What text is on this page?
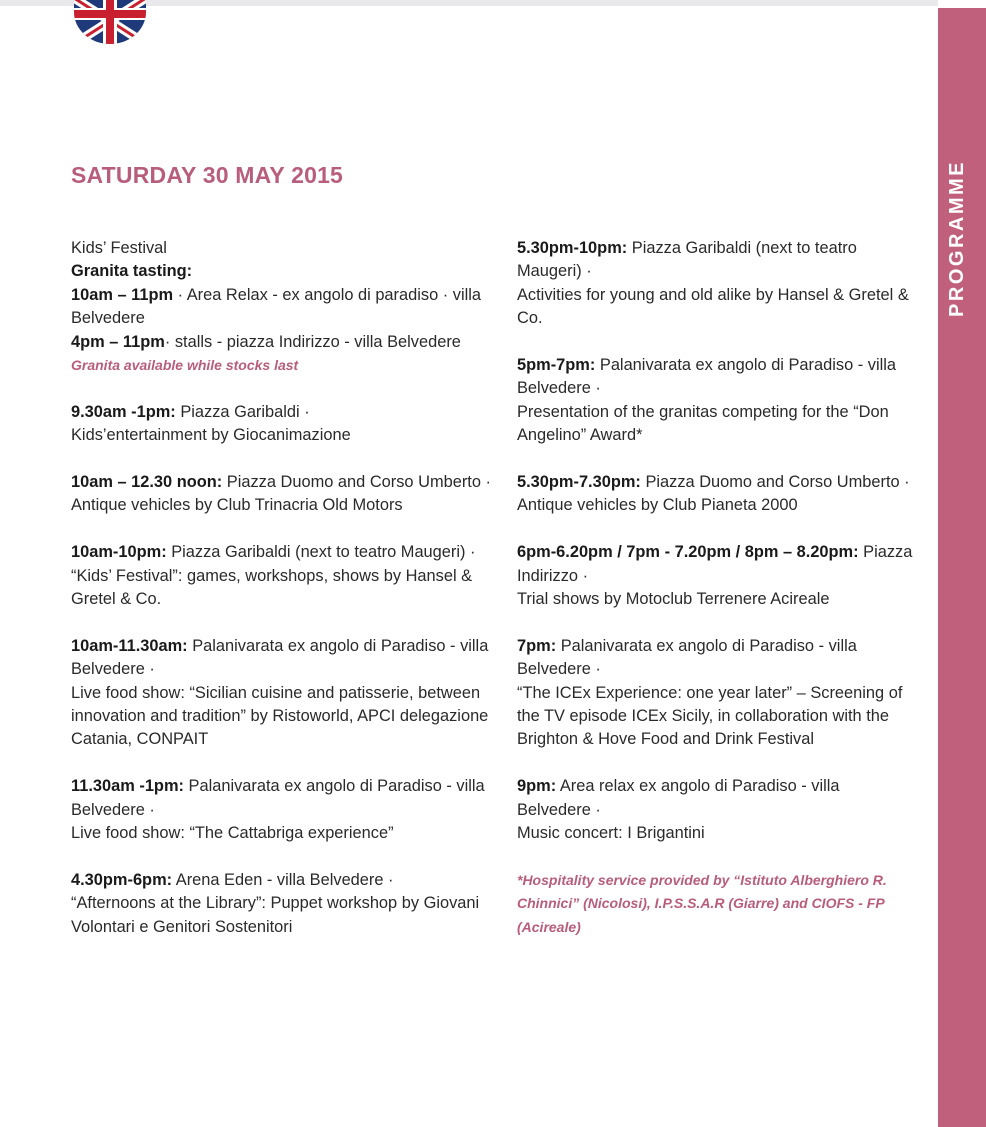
PROGRAMME
SATURDAY 30 MAY 2015

Kids’ Festival

Granita tasting:

10am – 11pm · Area Relax - ex angolo di paradiso · villa Belvedere

4pm – 11pm· stalls - piazza Indirizzo - villa Belvedere

Granita available while stocks last

9.30am -1pm: Piazza Garibaldi ·

Kids’entertainment by Giocanimazione

10am – 12.30 noon: Piazza Duomo and Corso Umberto ·

Antique vehicles by Club Trinacria Old Motors

10am-10pm: Piazza Garibaldi (next to teatro Maugeri) ·

“Kids’ Festival”: games, workshops, shows by Hansel & Gretel & Co.

10am-11.30am: Palanivarata ex angolo di Paradiso - villa Belvedere ·

Live food show: “Sicilian cuisine and patisserie, between innovation and tradition” by Ristoworld, APCI delegazione Catania, CONPAIT

11.30am -1pm: Palanivarata ex angolo di Paradiso - villa Belvedere ·

Live food show: “The Cattabriga experience”

4.30pm-6pm: Arena Eden - villa Belvedere ·

“Afternoons at the Library”: Puppet workshop by Giovani Volontari e Genitori Sostenitori

5.30pm-10pm: Piazza Garibaldi (next to teatro Maugeri) ·

Activities for young and old alike by Hansel & Gretel & Co.

5pm-7pm: Palanivarata ex angolo di Paradiso - villa Belvedere ·

Presentation of the granitas competing for the “Don Angelino” Award*

5.30pm-7.30pm: Piazza Duomo and Corso Umberto ·

Antique vehicles by Club Pianeta 2000

6pm-6.20pm / 7pm - 7.20pm / 8pm – 8.20pm: Piazza Indirizzo ·

Trial shows by Motoclub Terrenere Acireale

7pm: Palanivarata ex angolo di Paradiso - villa Belvedere ·

“The ICEx Experience: one year later” – Screening of the TV episode ICEx Sicily, in collaboration with the Brighton & Hove Food and Drink Festival

9pm: Area relax ex angolo di Paradiso - villa Belvedere ·

Music concert: I Brigantini

*Hospitality service provided by “Istituto Alberghiero R. Chinnici” (Nicolosi), I.P.S.S.A.R (Giarre) and CIOFS - FP (Acireale)
